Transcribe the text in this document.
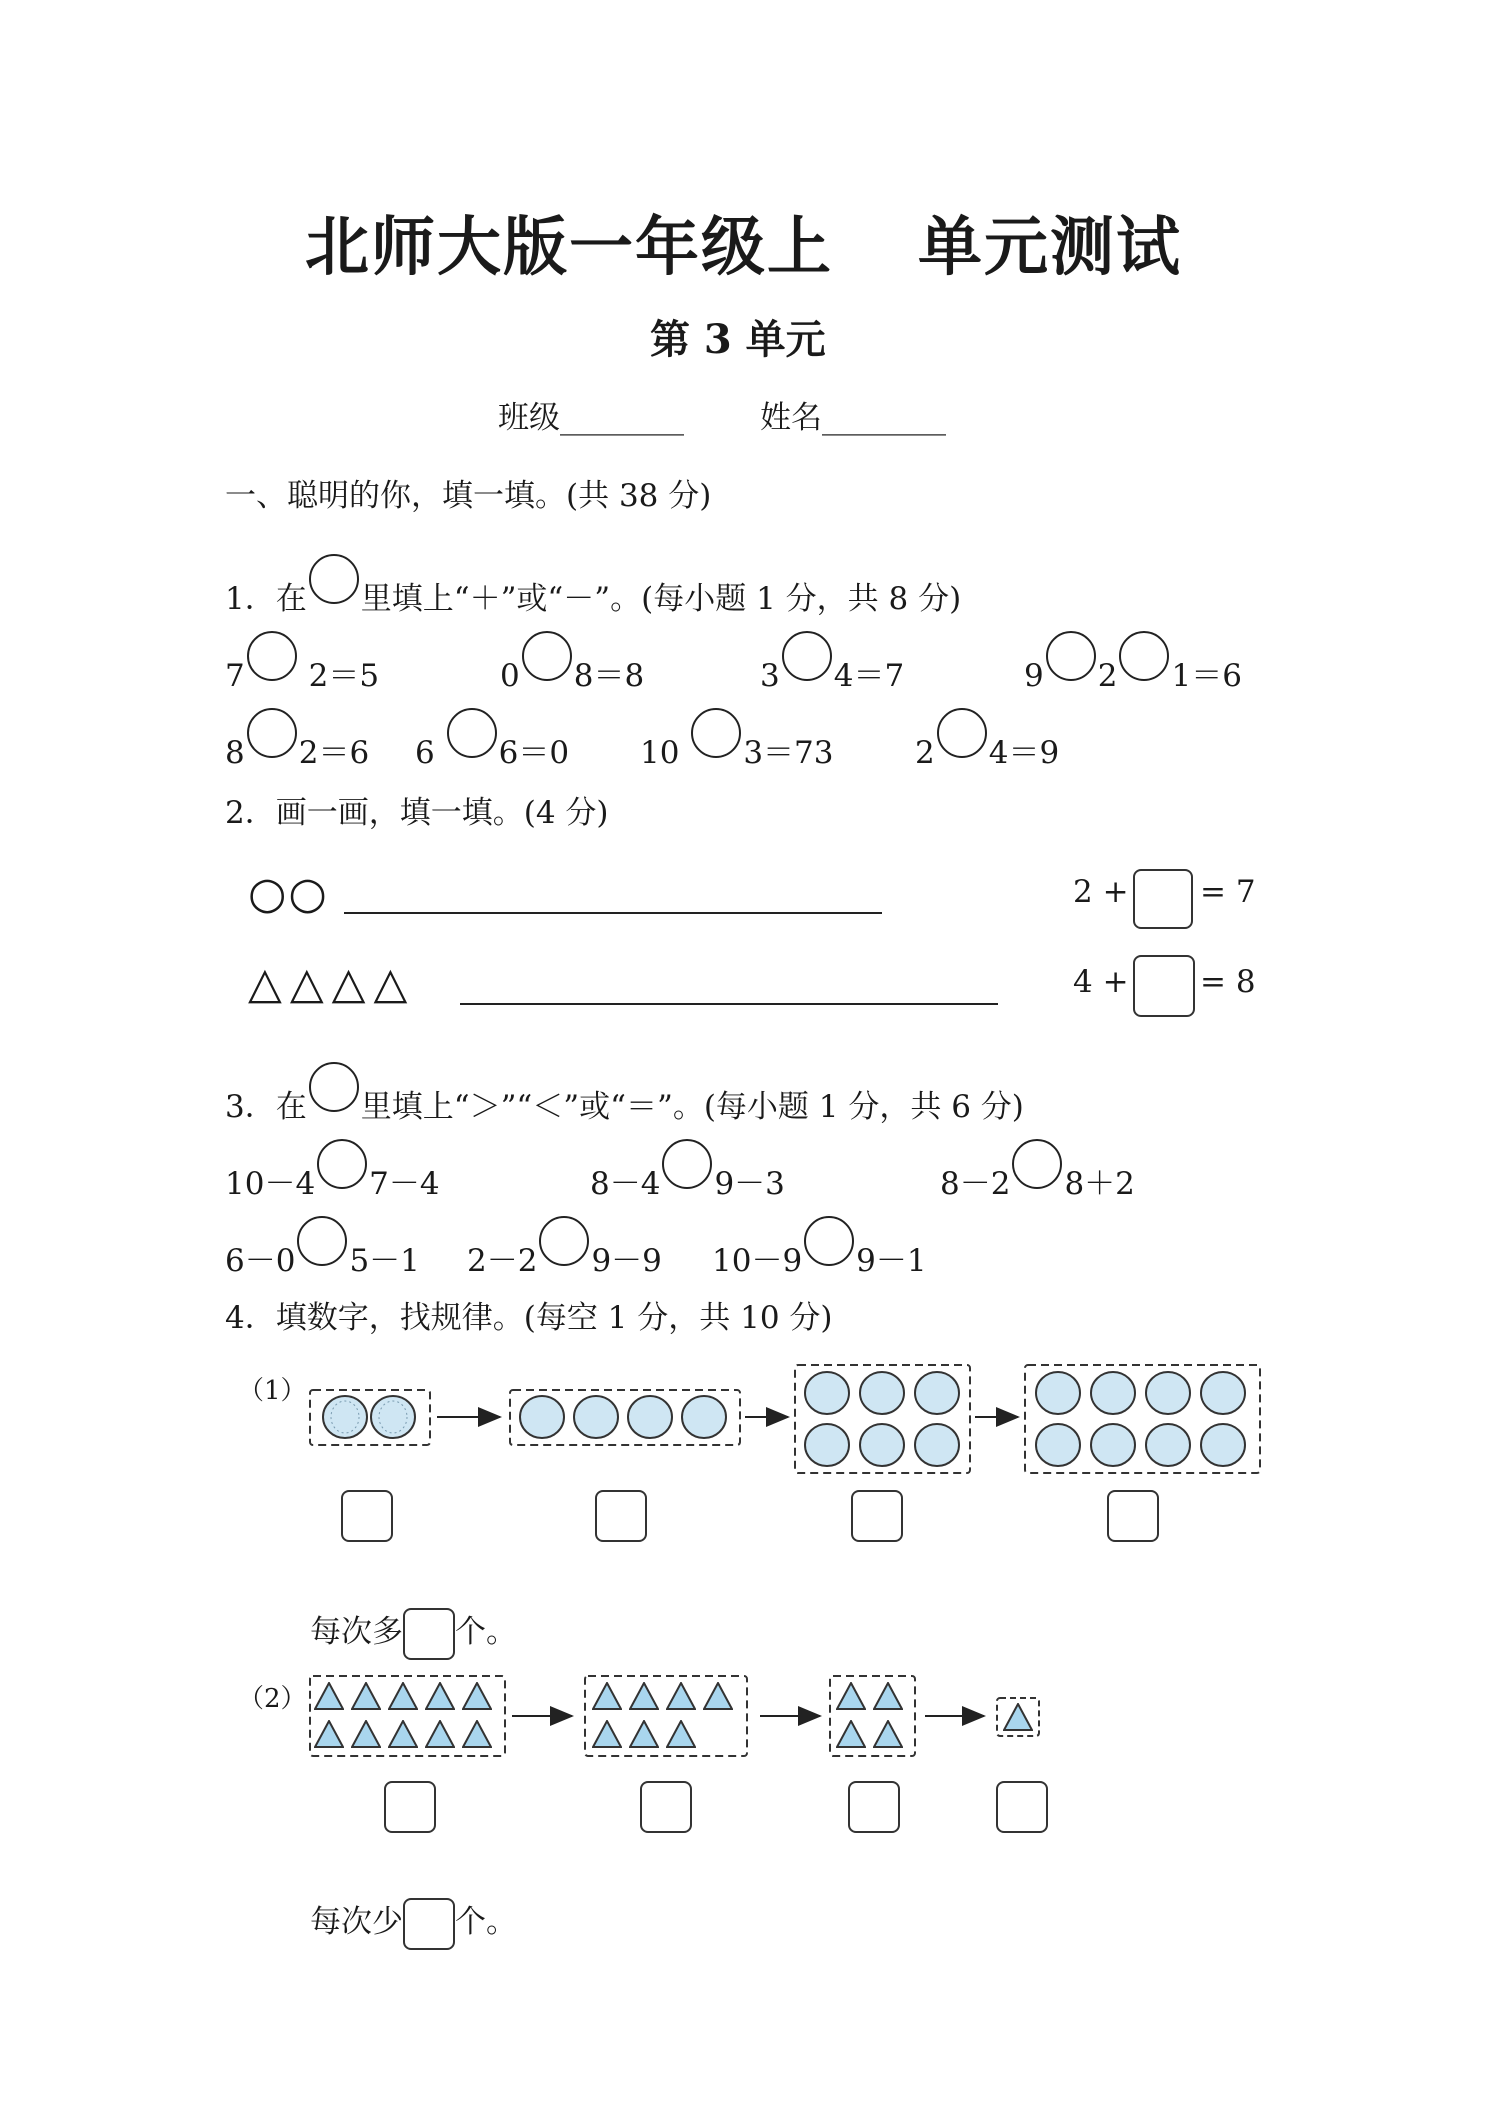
北师大版一年级上 单元测试
第 3 单元
班级________ 姓名________
一、聪明的你，填一填。(共 38 分)
1．在 里填上“＋”或“－”。(每小题 1 分，共 8 分)
7 2＝5	0 8＝8	3 4＝7	9 2 1＝6
8 2＝6 6 6＝0 10 3＝73	2 4＝9
2．画一画，填一填。(4 分)
○○	2 + = 7
△△△△	4 + = 8
3．在 里填上“＞”“＜”或“＝”。(每小题 1 分，共 6 分)
10－4 7－4	8－4 9－3	8－2 8＋2
6－0 5－1 2－2 9－9 10－9 9－1
4．填数字，找规律。(每空 1 分，共 10 分)
（1）
每次多 个。
（2）
每次少 个。
